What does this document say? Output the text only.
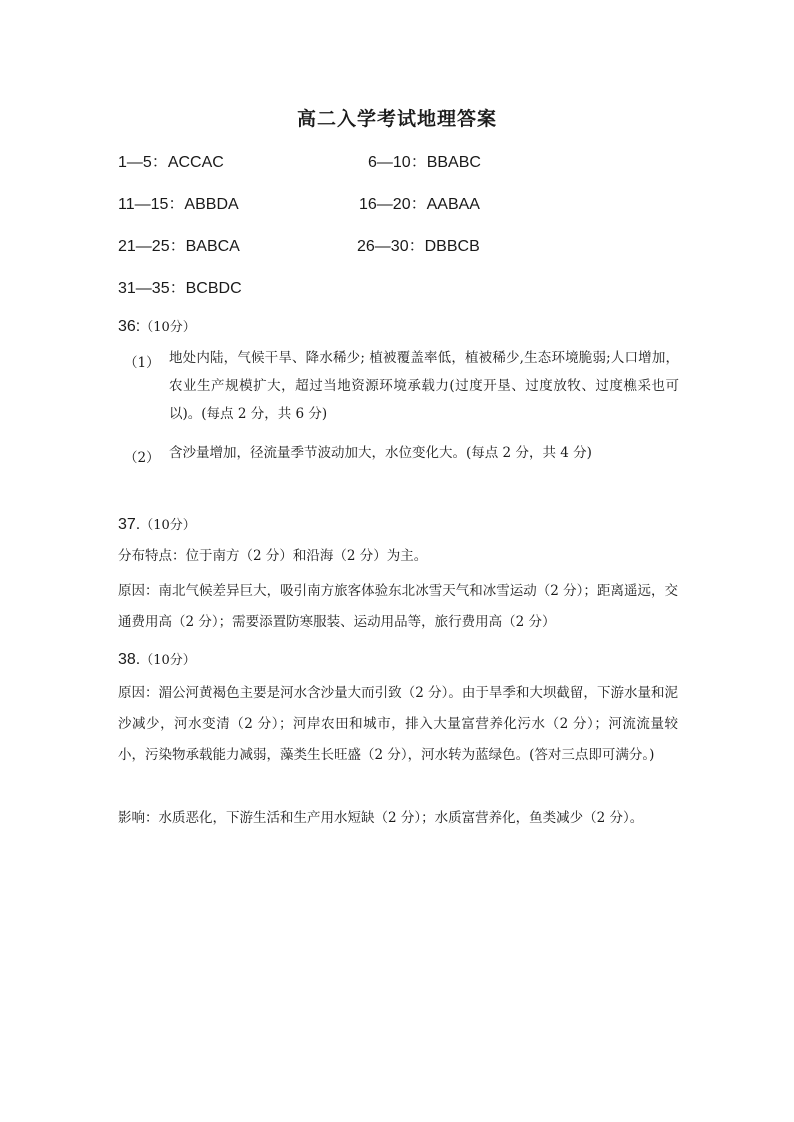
高二入学考试地理答案
1—5：ACCAC	6—10：BBABC
11—15：ABBDA	16—20：AABAA
21—25：BABCA	26—30：DBBCB
31—35：BCBDC
36:（10分）
（1） 地处内陆，气候干旱、降水稀少; 植被覆盖率低，植被稀少,生态环境脆弱;人口增加，农业生产规模扩大，超过当地资源环境承载力(过度开垦、过度放牧、过度樵采也可以)。(每点 2 分，共 6 分)
（2） 含沙量增加，径流量季节波动加大，水位变化大。(每点 2 分，共 4 分)
37.（10分）
分布特点：位于南方（2 分）和沿海（2 分）为主。
原因：南北气候差异巨大，吸引南方旅客体验东北冰雪天气和冰雪运动（2 分）；距离遥远，交通费用高（2 分）；需要添置防寒服装、运动用品等，旅行费用高（2 分）
38.（10分）
原因：湄公河黄褐色主要是河水含沙量大而引致（2 分）。由于旱季和大坝截留，下游水量和泥沙减少，河水变清（2 分）；河岸农田和城市，排入大量富营养化污水（2 分）；河流流量较小，污染物承载能力减弱，藻类生长旺盛（2 分），河水转为蓝绿色。(答对三点即可满分。)
影响：水质恶化，下游生活和生产用水短缺（2 分）；水质富营养化，鱼类减少（2 分）。
